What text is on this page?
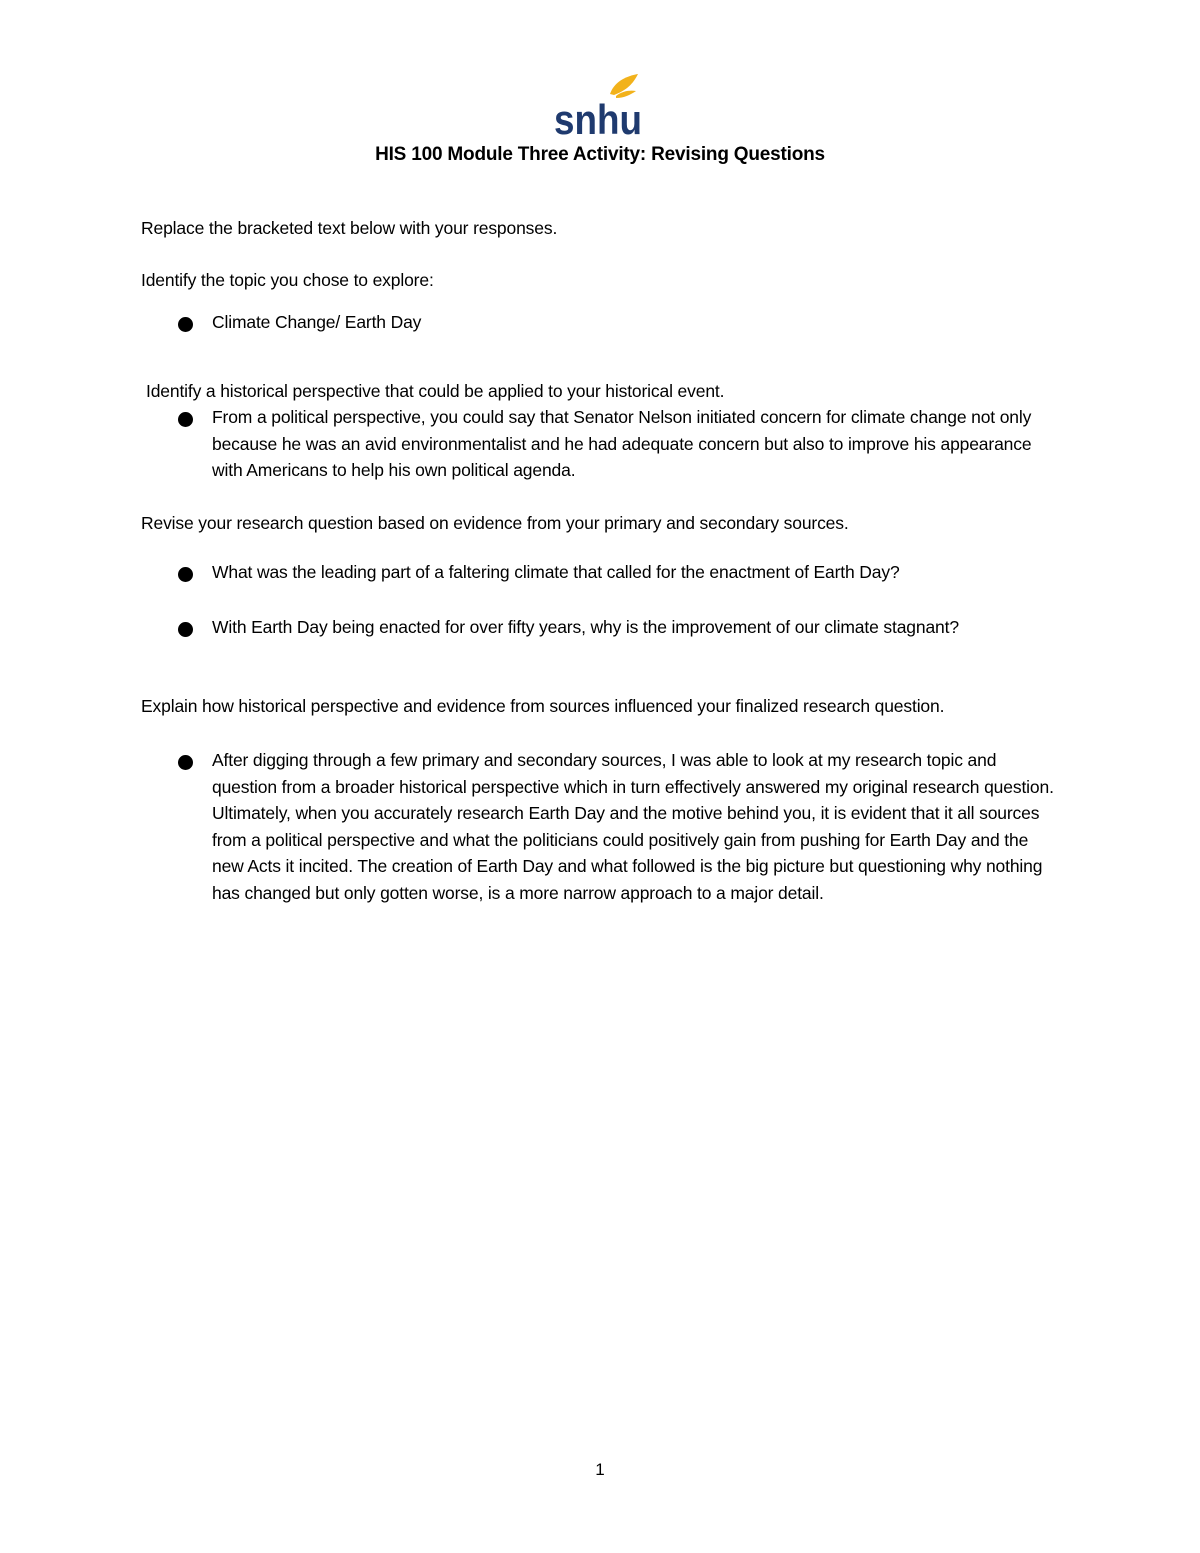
snhu
HIS 100 Module Three Activity: Revising Questions
Replace the bracketed text below with your responses.
Identify the topic you chose to explore:
Climate Change/ Earth Day
Identify a historical perspective that could be applied to your historical event.
From a political perspective, you could say that Senator Nelson initiated concern for climate change not only because he was an avid environmentalist and he had adequate concern but also to improve his appearance with Americans to help his own political agenda.
Revise your research question based on evidence from your primary and secondary sources.
What was the leading part of a faltering climate that called for the enactment of Earth Day?
With Earth Day being enacted for over fifty years, why is the improvement of our climate stagnant?
Explain how historical perspective and evidence from sources influenced your finalized research question.
After digging through a few primary and secondary sources, I was able to look at my research topic and question from a broader historical perspective which in turn effectively answered my original research question. Ultimately, when you accurately research Earth Day and the motive behind you, it is evident that it all sources from a political perspective and what the politicians could positively gain from pushing for Earth Day and the new Acts it incited. The creation of Earth Day and what followed is the big picture but questioning why nothing has changed but only gotten worse, is a more narrow approach to a major detail.
1
